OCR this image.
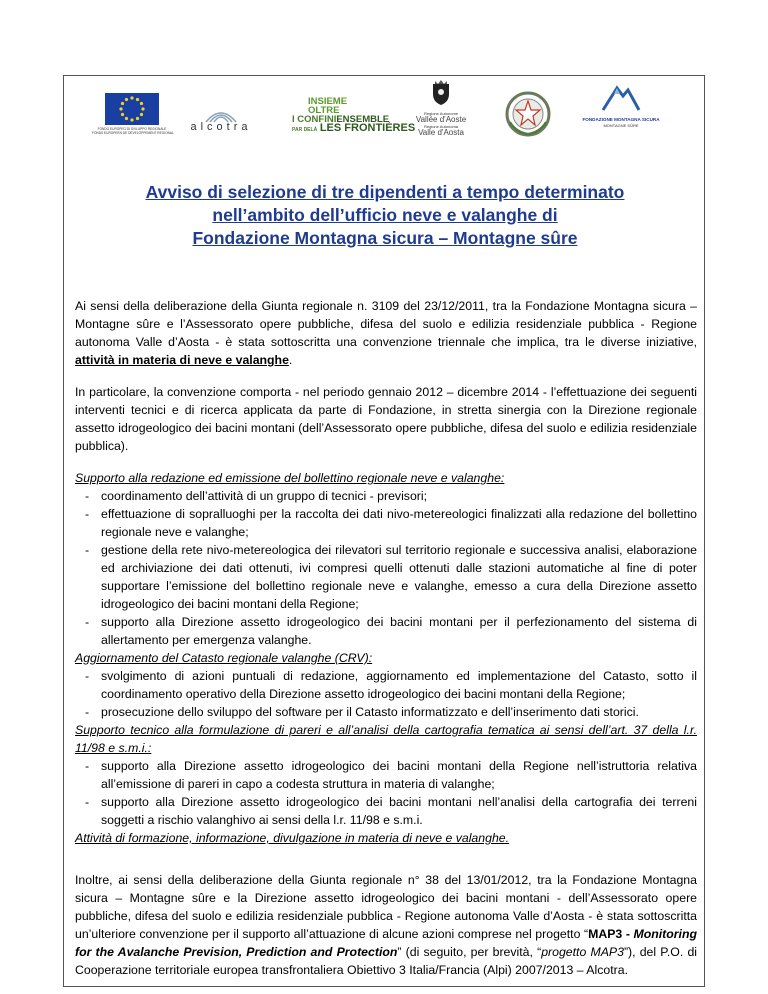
FONDO EUROPEO DI SVILUPPO REGIONALE
FONDS EUROPEEN DE DEVELOPPEMENT REGIONAL	alcotra
INSIEME OLTRE
I CONFINIENSEMBLE
PAR DELÀ LES FRONTIÈRES
Regione Autonome
Vallée d'Aoste
Regione Autonoma
Valle d'Aosta
FONDAZIONE MONTAGNA SICURA
MONTAGNE SÛRE
Avviso di selezione di tre dipendenti a tempo determinato
nell’ambito dell’ufficio neve e valanghe di
Fondazione Montagna sicura – Montagne sûre

Ai sensi della deliberazione della Giunta regionale n. 3109 del 23/12/2011, tra la Fondazione Montagna sicura – Montagne sûre e l’Assessorato opere pubbliche, difesa del suolo e edilizia residenziale pubblica - Regione autonoma Valle d’Aosta - è stata sottoscritta una convenzione triennale che implica, tra le diverse iniziative, attività in materia di neve e valanghe.

In particolare, la convenzione comporta - nel periodo gennaio 2012 – dicembre 2014 - l’effettuazione dei seguenti interventi tecnici e di ricerca applicata da parte di Fondazione, in stretta sinergia con la Direzione regionale assetto idrogeologico dei bacini montani (dell’Assessorato opere pubbliche, difesa del suolo e edilizia residenziale pubblica).

Supporto alla redazione ed emissione del bollettino regionale neve e valanghe:
- coordinamento dell’attività di un gruppo di tecnici - previsori;
- effettuazione di sopralluoghi per la raccolta dei dati nivo-metereologici finalizzati alla redazione del bollettino regionale neve e valanghe;
- gestione della rete nivo-metereologica dei rilevatori sul territorio regionale e successiva analisi, elaborazione ed archiviazione dei dati ottenuti, ivi compresi quelli ottenuti dalle stazioni automatiche al fine di poter supportare l’emissione del bollettino regionale neve e valanghe, emesso a cura della Direzione assetto idrogeologico dei bacini montani della Regione;
- supporto alla Direzione assetto idrogeologico dei bacini montani per il perfezionamento del sistema di allertamento per emergenza valanghe.
Aggiornamento del Catasto regionale valanghe (CRV):
- svolgimento di azioni puntuali di redazione, aggiornamento ed implementazione del Catasto, sotto il coordinamento operativo della Direzione assetto idrogeologico dei bacini montani della Regione;
- prosecuzione dello sviluppo del software per il Catasto informatizzato e dell’inserimento dati storici.
Supporto tecnico alla formulazione di pareri e all’analisi della cartografia tematica ai sensi dell’art. 37 della l.r. 11/98 e s.m.i.:
- supporto alla Direzione assetto idrogeologico dei bacini montani della Regione nell’istruttoria relativa all’emissione di pareri in capo a codesta struttura in materia di valanghe;
- supporto alla Direzione assetto idrogeologico dei bacini montani nell’analisi della cartografia dei terreni soggetti a rischio valanghivo ai sensi della l.r. 11/98 e s.m.i.
Attività di formazione, informazione, divulgazione in materia di neve e valanghe.

Inoltre, ai sensi della deliberazione della Giunta regionale n° 38 del 13/01/2012, tra la Fondazione Montagna sicura – Montagne sûre e la Direzione assetto idrogeologico dei bacini montani - dell’Assessorato opere pubbliche, difesa del suolo e edilizia residenziale pubblica - Regione autonoma Valle d’Aosta - è stata sottoscritta un’ulteriore convenzione per il supporto all’attuazione di alcune azioni comprese nel progetto “MAP3 - Monitoring for the Avalanche Prevision, Prediction and Protection” (di seguito, per brevità, “progetto MAP3”), del P.O. di Cooperazione territoriale europea transfrontaliera Obiettivo 3 Italia/Francia (Alpi) 2007/2013 – Alcotra.
